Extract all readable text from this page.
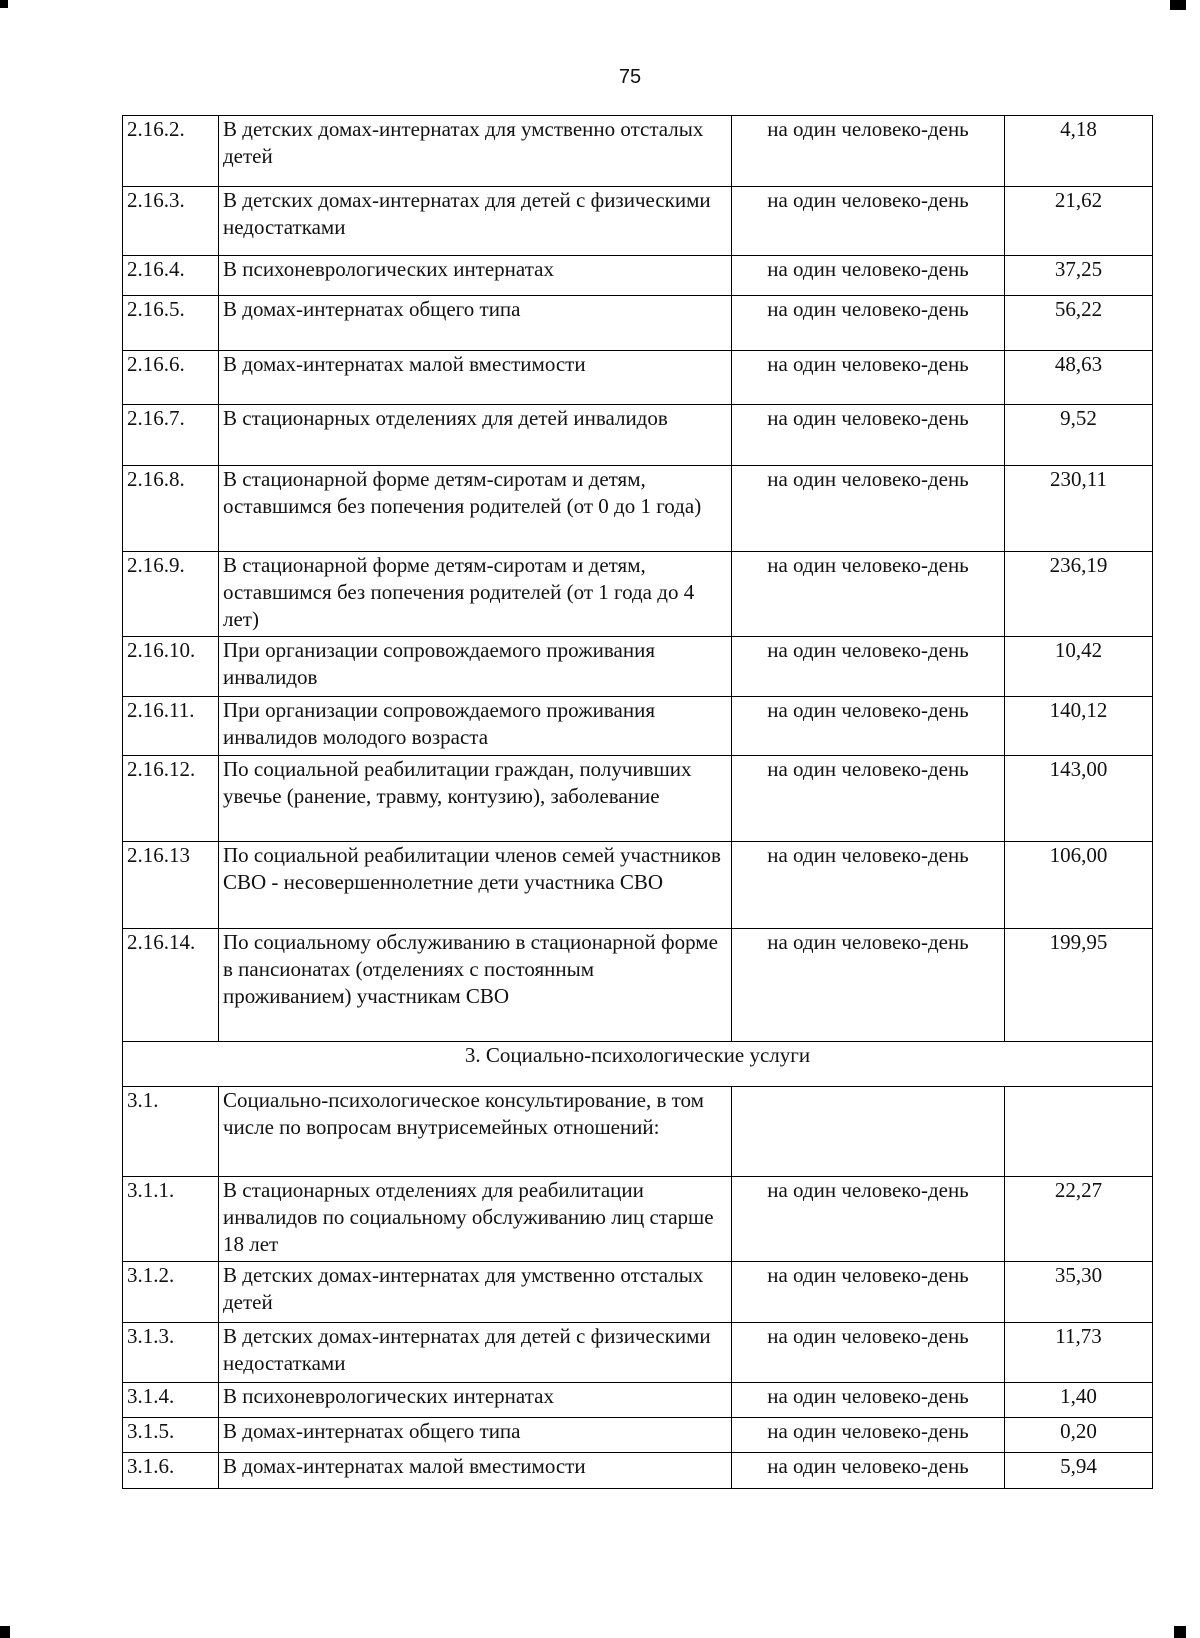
75
2.16.2.	В детских домах-интернатах для умственно отсталых детей	на один человеко-день	4,18
2.16.3.	В детских домах-интернатах для детей с физическими недостатками	на один человеко-день	21,62
2.16.4.	В психоневрологических интернатах	на один человеко-день	37,25
2.16.5.	В домах-интернатах общего типа	на один человеко-день	56,22
2.16.6.	В домах-интернатах малой вместимости	на один человеко-день	48,63
2.16.7.	В стационарных отделениях для детей инвалидов	на один человеко-день	9,52
2.16.8.	В стационарной форме детям-сиротам и детям, оставшимся без попечения родителей (от 0 до 1 года)	на один человеко-день	230,11
2.16.9.	В стационарной форме детям-сиротам и детям, оставшимся без попечения родителей (от 1 года до 4 лет)	на один человеко-день	236,19
2.16.10.	При организации сопровождаемого проживания инвалидов	на один человеко-день	10,42
2.16.11.	При организации сопровождаемого проживания инвалидов молодого возраста	на один человеко-день	140,12
2.16.12.	По социальной реабилитации граждан, получивших увечье (ранение, травму, контузию), заболевание	на один человеко-день	143,00
2.16.13	По социальной реабилитации членов семей участников СВО - несовершеннолетние дети участника СВО	на один человеко-день	106,00
2.16.14.	По социальному обслуживанию в стационарной форме в пансионатах (отделениях с постоянным проживанием) участникам СВО	на один человеко-день	199,95
3. Социально-психологические услуги			
3.1.	Социально-психологическое консультирование, в том числе по вопросам внутрисемейных отношений:		
3.1.1.	В стационарных отделениях для реабилитации инвалидов по социальному обслуживанию лиц старше 18 лет	на один человеко-день	22,27
3.1.2.	В детских домах-интернатах для умственно отсталых детей	на один человеко-день	35,30
3.1.3.	В детских домах-интернатах для детей с физическими недостатками	на один человеко-день	11,73
3.1.4.	В психоневрологических интернатах	на один человеко-день	1,40
3.1.5.	В домах-интернатах общего типа	на один человеко-день	0,20
3.1.6.	В домах-интернатах малой вместимости	на один человеко-день	5,94
